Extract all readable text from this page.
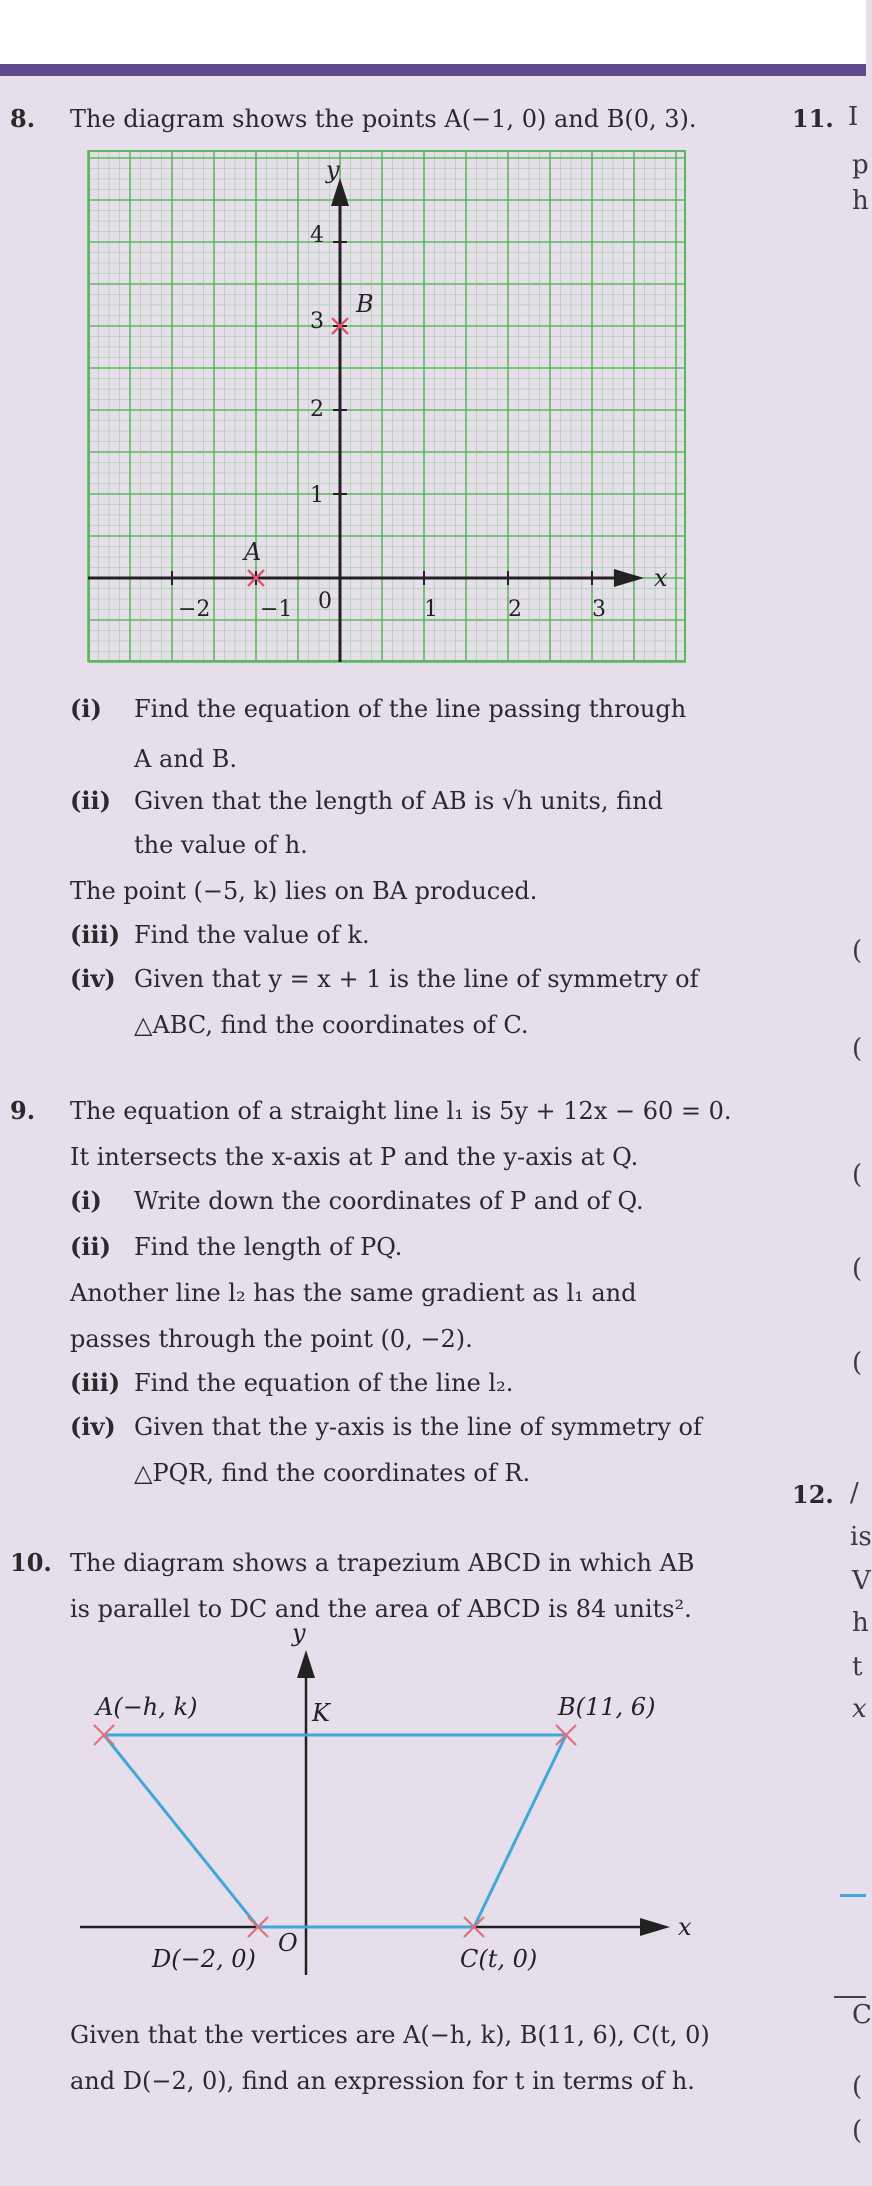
8. The diagram shows the points A(−1, 0) and B(0, 3).
x
y
−2 −1	1	2	3
0
1
2
3
4
A
B
(i) Find the equation of the line passing through
A and B.
(ii) Given that the length of AB is √h units, find
the value of h.
The point (−5, k) lies on BA produced.
(iii) Find the value of k.
(iv) Given that y = x + 1 is the line of symmetry of
△ABC, find the coordinates of C.
9. The equation of a straight line l₁ is 5y + 12x − 60 = 0.
It intersects the x-axis at P and the y-axis at Q.
(i) Write down the coordinates of P and of Q.
(ii) Find the length of PQ.
Another line l₂ has the same gradient as l₁ and
passes through the point (0, −2).
(iii) Find the equation of the line l₂.
(iv) Given that the y-axis is the line of symmetry of
△PQR, find the coordinates of R.
10. The diagram shows a trapezium ABCD in which AB
is parallel to DC and the area of ABCD is 84 units².
y
x
A(−h, k)	B(11, 6)
C(t, 0)
D(−2, 0)
K
O
Given that the vertices are A(−h, k), B(11, 6), C(t, 0)
and D(−2, 0), find an expression for t in terms of h.
11. I
p
h
(
(
(
(
(
12. /
is
V
h
t
x
C
(
(
